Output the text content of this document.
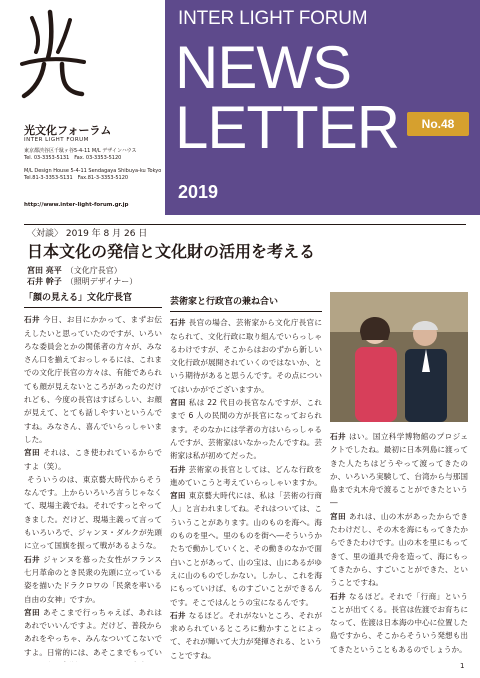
光文化フォーラム
INTER LIGHT FORUM
東京都渋谷区千駄ヶ谷5-4-11 M/L デザインハウス
Tel. 03-3353-5131　Fax. 03-3353-5120
M/L Design House 5-4-11 Sendagaya Shibuya-ku Tokyo
Tel.81-3-3353-5131　Fax.81-3-3353-5120
http://www.inter-light-forum.gr.jp
INTER LIGHT FORUM
NEWS
LETTER	No.48
2019
〈対談〉 2019 年 8 月 26 日
日本文化の発信と文化財の活用を考える
宮田 亮平 （文化庁長官）
石井 幹子 （照明デザイナー）
「顔の見える」文化庁長官

石井 今日、お目にかかって、まずお伝えしたいと思っていたのですが、いろいろな委員会とかの関係者の方々が、みなさん口を揃えておっしゃるには、これまでの文化庁長官の方々は、有能であられても顔が見えないところがあったのだけれども、今度の長官はすばらしい、お顔が見えて、とても話しやすいというんですね。みなさん、喜んでいらっしゃいました。

宮田 それは、こき使われているからですよ（笑）。

そういうのは、東京藝大時代からそうなんです。上からいろいろ言うじゃなくて、現場主義でね。それですっとやってきました。だけど、現場主義って言ってもいろいろで、ジャンヌ・ダルクが先頭に立って国旗を振って戦があるような。

石井 ジャンヌを慕った女性がフランス七月革命のとき民衆の先頭に立っている姿を描いたドラクロワの「民衆を率いる自由の女神」ですか。

宮田 あそこまで行っちゃえば、あれはあれでいいんですよ。だけど、普段からあれをやっちゃ、みんなついてこないですよ。日常的には、あそこまでもってい

芸術家と行政官の兼ね合い

石井 長官の場合、芸術家から文化庁長官になられて、文化行政に取り組んでいらっしゃるわけですが、そこからはおのずから新しい文化行政が展開されていくのではないか、という期待があると思うんです。その点についてはいかがでございますか。

宮田 私は 22 代目の長官なんですが、これまで 6 人の民間の方が長官になっておられます。そのなかには学者の方はいらっしゃるんですが、芸術家はいなかったんですね。芸術家は私が初めてだった。

石井 芸術家の長官としては、どんな行政を進めていこうと考えていらっしゃいますか。

宮田 東京藝大時代には、私は「芸術の行商人」と言われましてね。それはついては、こういうことがあります。山のものを海へ。海のものを里へ。里のものを街へ―そういうかたちで動かしていくと、その動きのなかで面白いことがあって、山の宝は、山にあるがゆえに山のものでしかない。しかし、これを海にもっていけば、ものすごいことができるんです。そこではんとうの宝になるんです。

石井 なるほど。それがないところ、それが求められているところに動かすことによって、それが輝いて大力が発揮される、ということですね。

石井 はい。国立科学博物館のプロジェクトでしたね。最初に日本列島に渡ってきた人たちはどうやって渡ってきたのか、いろいろ実験して、台湾から与那国島まで丸木舟で渡ることができたという―

宮田 あれは、山の木があったからできたわけだし、その木を海にもってきたからできたわけです。山の木を里にもってきて、里の道具で舟を造って、海にもってきたから、すごいことができた、ということですね。

石井 なるほど。それで「行商」ということが出てくる。長官は佐渡でお育ちになって、佐渡は日本海の中心に位置した島ですから、そこからそういう発想も出てきたということもあるのでしょうか。

1
